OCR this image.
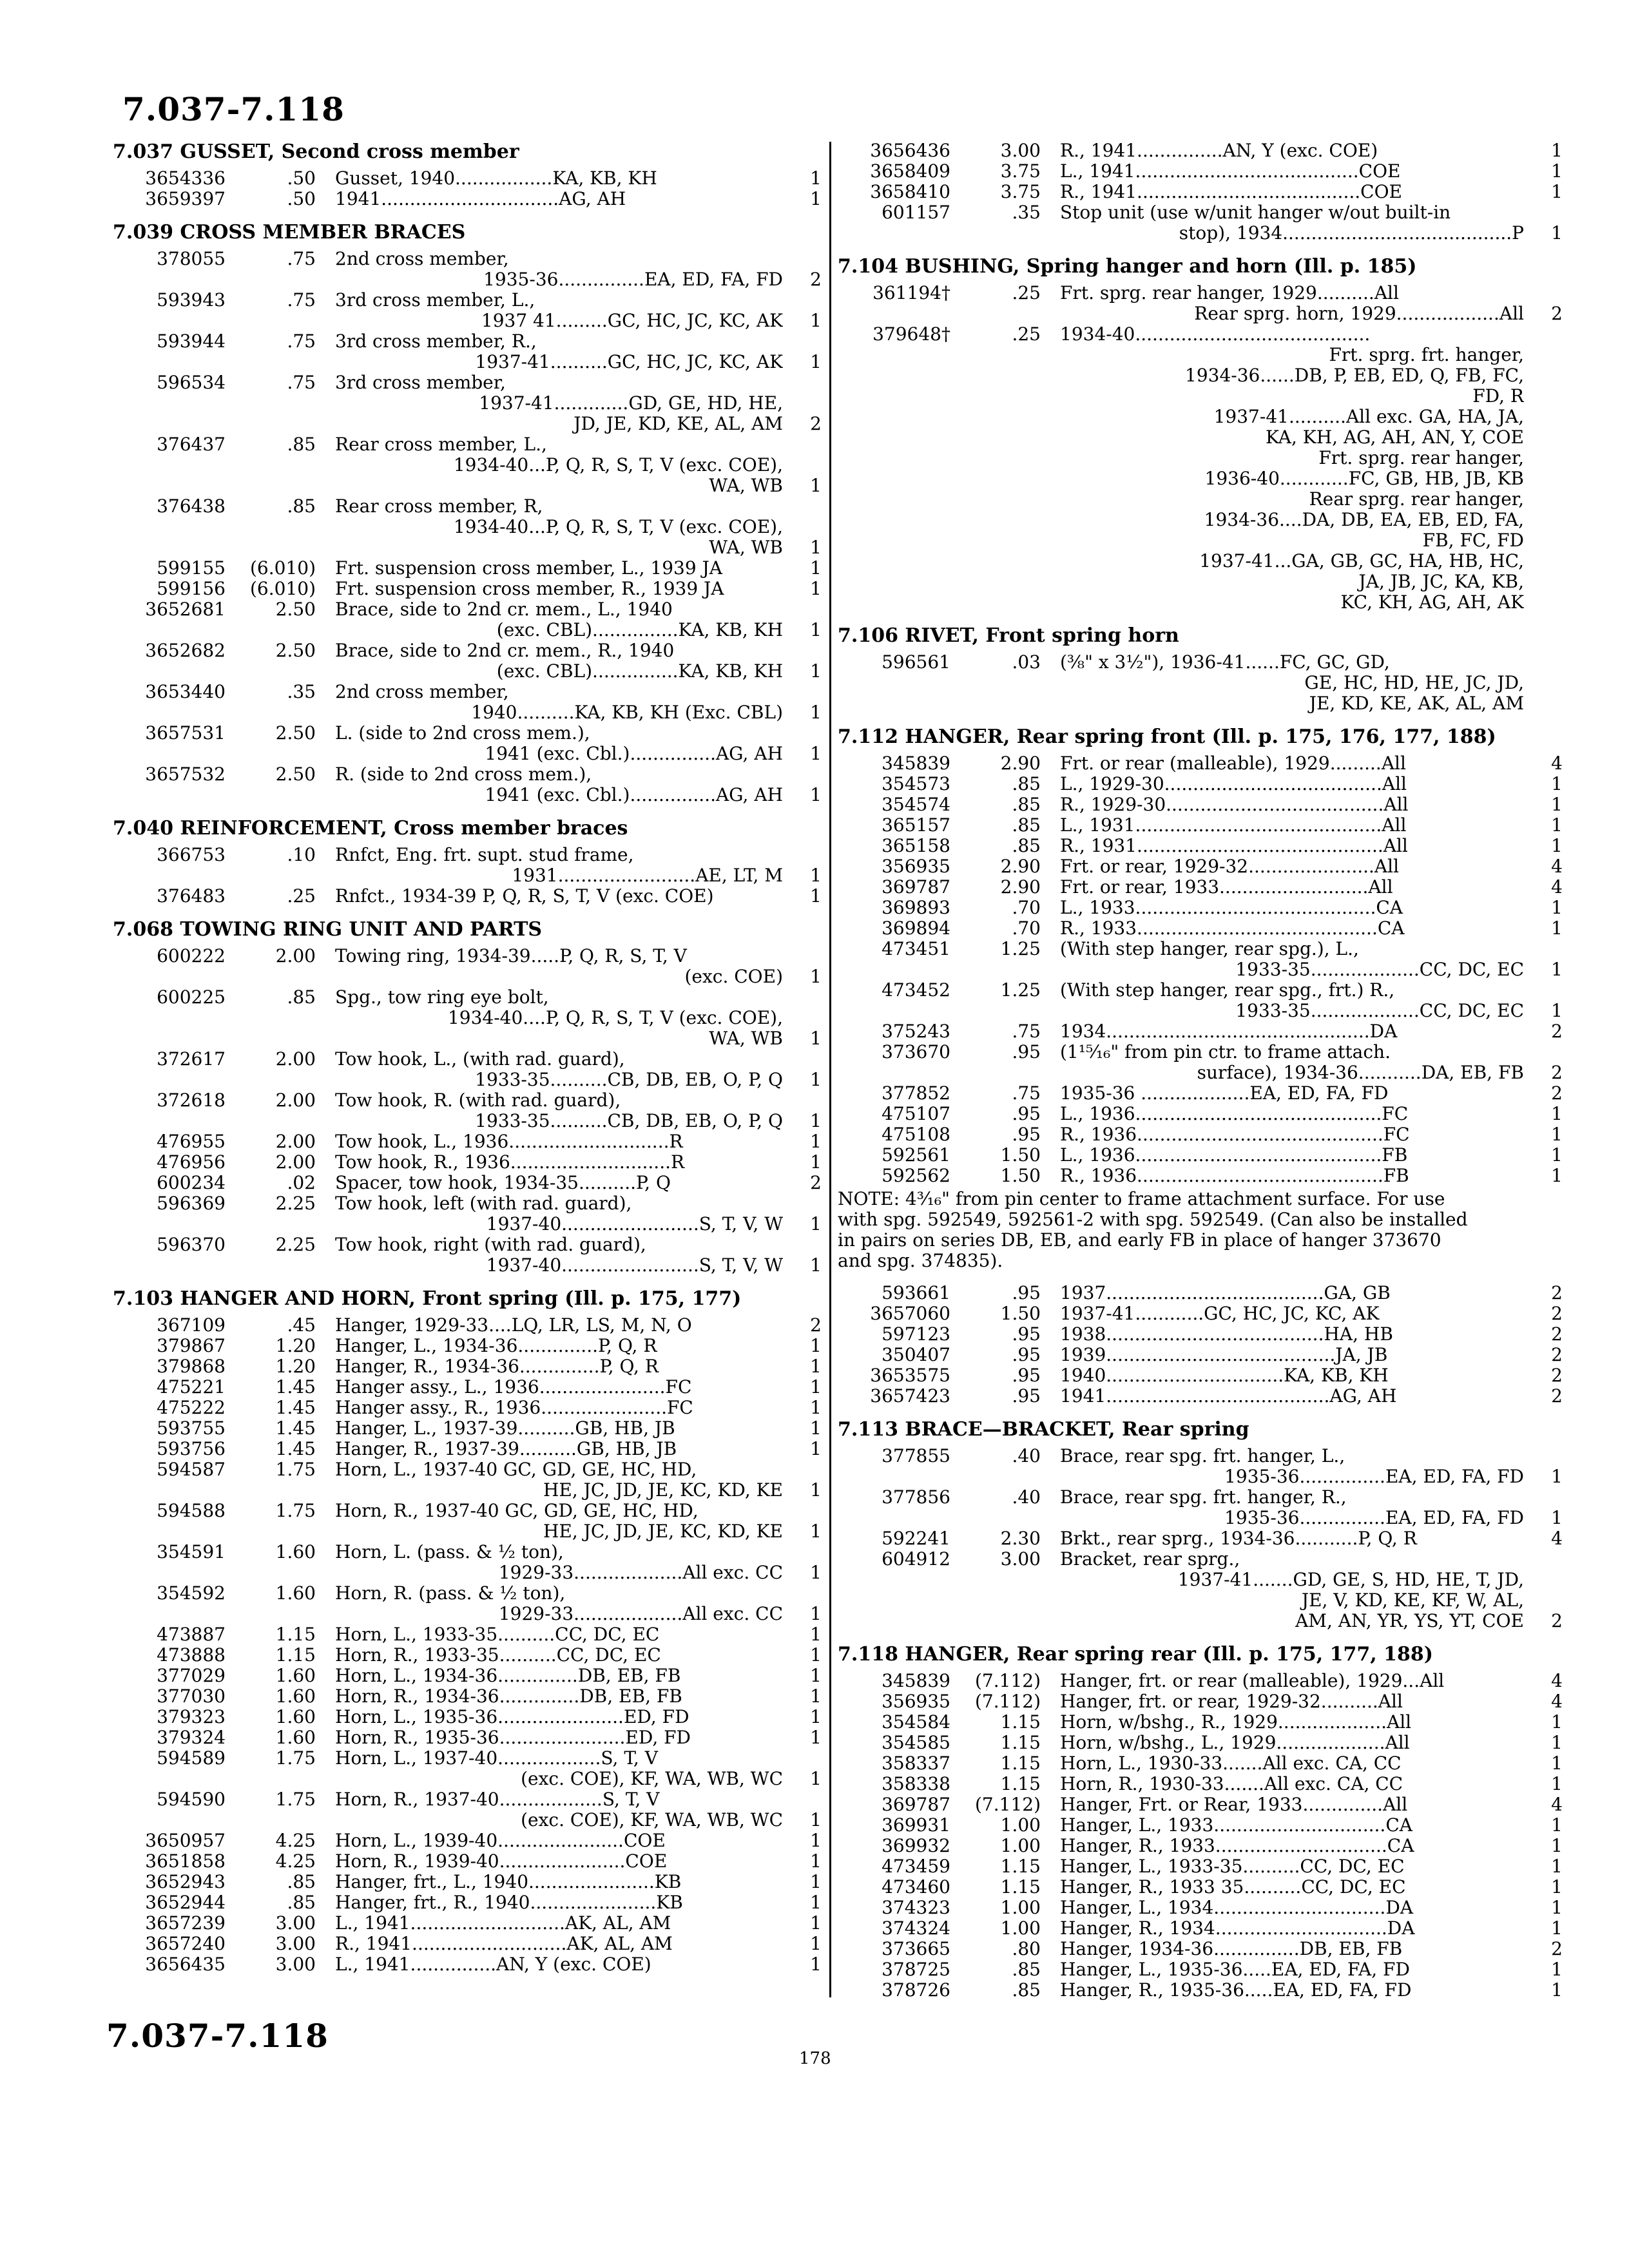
7.037-7.118
7.037 GUSSET, Second cross member
3654336	.50 Gusset, 1940.................KA, KB, KH	1
3659397	.50 1941...............................AG, AH	1
7.039 CROSS MEMBER BRACES
378055	.75 2nd cross member,
1935-36...............EA, ED, FA, FD	2
593943	.75 3rd cross member, L.,
1937 41.........GC, HC, JC, KC, AK	1
593944	.75 3rd cross member, R.,
1937-41..........GC, HC, JC, KC, AK	1
596534	.75 3rd cross member,
1937-41.............GD, GE, HD, HE,
JD, JE, KD, KE, AL, AM	2
376437	.85 Rear cross member, L.,
1934-40...P, Q, R, S, T, V (exc. COE),
WA, WB	1
376438	.85 Rear cross member, R,
1934-40...P, Q, R, S, T, V (exc. COE),
WA, WB	1
599155	(6.010) Frt. suspension cross member, L., 1939 JA	1
599156	(6.010) Frt. suspension cross member, R., 1939 JA	1
3652681	2.50 Brace, side to 2nd cr. mem., L., 1940
(exc. CBL)...............KA, KB, KH	1
3652682	2.50 Brace, side to 2nd cr. mem., R., 1940
(exc. CBL)...............KA, KB, KH	1
3653440	.35 2nd cross member,
1940..........KA, KB, KH (Exc. CBL)	1
3657531	2.50 L. (side to 2nd cross mem.),
1941 (exc. Cbl.)...............AG, AH	1
3657532	2.50 R. (side to 2nd cross mem.),
1941 (exc. Cbl.)...............AG, AH	1
7.040 REINFORCEMENT, Cross member braces
366753	.10 Rnfct, Eng. frt. supt. stud frame,
1931........................AE, LT, M	1
376483	.25 Rnfct., 1934-39 P, Q, R, S, T, V (exc. COE)	1
7.068 TOWING RING UNIT AND PARTS
600222	2.00 Towing ring, 1934-39.....P, Q, R, S, T, V
(exc. COE)	1
600225	.85 Spg., tow ring eye bolt,
1934-40....P, Q, R, S, T, V (exc. COE),
WA, WB	1
372617	2.00 Tow hook, L., (with rad. guard),
1933-35..........CB, DB, EB, O, P, Q	1
372618	2.00 Tow hook, R. (with rad. guard),
1933-35..........CB, DB, EB, O, P, Q	1
476955	2.00 Tow hook, L., 1936............................R	1
476956	2.00 Tow hook, R., 1936............................R	1
600234	.02 Spacer, tow hook, 1934-35..........P, Q	2
596369	2.25 Tow hook, left (with rad. guard),
1937-40........................S, T, V, W	1
596370	2.25 Tow hook, right (with rad. guard),
1937-40........................S, T, V, W	1
7.103 HANGER AND HORN, Front spring (Ill. p. 175, 177)
367109	.45 Hanger, 1929-33....LQ, LR, LS, M, N, O	2
379867	1.20 Hanger, L., 1934-36..............P, Q, R	1
379868	1.20 Hanger, R., 1934-36..............P, Q, R	1
475221	1.45 Hanger assy., L., 1936......................FC	1
475222	1.45 Hanger assy., R., 1936......................FC	1
593755	1.45 Hanger, L., 1937-39..........GB, HB, JB	1
593756	1.45 Hanger, R., 1937-39..........GB, HB, JB	1
594587	1.75 Horn, L., 1937-40 GC, GD, GE, HC, HD,
HE, JC, JD, JE, KC, KD, KE	1
594588	1.75 Horn, R., 1937-40 GC, GD, GE, HC, HD,
HE, JC, JD, JE, KC, KD, KE	1
354591	1.60 Horn, L. (pass. & ½ ton),
1929-33...................All exc. CC	1
354592	1.60 Horn, R. (pass. & ½ ton),
1929-33...................All exc. CC	1
473887	1.15 Horn, L., 1933-35..........CC, DC, EC	1
473888	1.15 Horn, R., 1933-35..........CC, DC, EC	1
377029	1.60 Horn, L., 1934-36..............DB, EB, FB	1
377030	1.60 Horn, R., 1934-36..............DB, EB, FB	1
379323	1.60 Horn, L., 1935-36......................ED, FD	1
379324	1.60 Horn, R., 1935-36......................ED, FD	1
594589	1.75 Horn, L., 1937-40..................S, T, V
(exc. COE), KF, WA, WB, WC	1
594590	1.75 Horn, R., 1937-40..................S, T, V
(exc. COE), KF, WA, WB, WC	1
3650957	4.25 Horn, L., 1939-40......................COE	1
3651858	4.25 Horn, R., 1939-40......................COE	1
3652943	.85 Hanger, frt., L., 1940......................KB	1
3652944	.85 Hanger, frt., R., 1940......................KB	1
3657239	3.00 L., 1941...........................AK, AL, AM	1
3657240	3.00 R., 1941...........................AK, AL, AM	1
3656435	3.00 L., 1941...............AN, Y (exc. COE)	1
3656436	3.00 R., 1941...............AN, Y (exc. COE)	1
3658409	3.75 L., 1941.......................................COE	1
3658410	3.75 R., 1941.......................................COE	1
601157	.35 Stop unit (use w/unit hanger w/out built-in
stop), 1934........................................P	1
7.104 BUSHING, Spring hanger and horn (Ill. p. 185)
361194†	.25 Frt. sprg. rear hanger, 1929..........All
Rear sprg. horn, 1929..................All	2
379648†	.25 1934-40.........................................
Frt. sprg. frt. hanger,
1934-36......DB, P, EB, ED, Q, FB, FC,
FD, R
1937-41..........All exc. GA, HA, JA,
KA, KH, AG, AH, AN, Y, COE
Frt. sprg. rear hanger,
1936-40............FC, GB, HB, JB, KB
Rear sprg. rear hanger,
1934-36....DA, DB, EA, EB, ED, FA,
FB, FC, FD
1937-41...GA, GB, GC, HA, HB, HC,
JA, JB, JC, KA, KB,
KC, KH, AG, AH, AK
7.106 RIVET, Front spring horn
596561	.03 (⅜" x 3½"), 1936-41......FC, GC, GD,
GE, HC, HD, HE, JC, JD,
JE, KD, KE, AK, AL, AM
7.112 HANGER, Rear spring front (Ill. p. 175, 176, 177, 188)
345839	2.90 Frt. or rear (malleable), 1929.........All	4
354573	.85 L., 1929-30......................................All	1
354574	.85 R., 1929-30......................................All	1
365157	.85 L., 1931...........................................All	1
365158	.85 R., 1931...........................................All	1
356935	2.90 Frt. or rear, 1929-32......................All	4
369787	2.90 Frt. or rear, 1933..........................All	4
369893	.70 L., 1933..........................................CA	1
369894	.70 R., 1933..........................................CA	1
473451	1.25 (With step hanger, rear spg.), L.,
1933-35...................CC, DC, EC	1
473452	1.25 (With step hanger, rear spg., frt.) R.,
1933-35...................CC, DC, EC	1
375243	.75 1934..............................................DA	2
373670	.95 (1¹⁵⁄₁₆" from pin ctr. to frame attach.
surface), 1934-36...........DA, EB, FB	2
377852	.75 1935-36 ...................EA, ED, FA, FD	2
475107	.95 L., 1936...........................................FC	1
475108	.95 R., 1936...........................................FC	1
592561	1.50 L., 1936...........................................FB	1
592562	1.50 R., 1936...........................................FB	1
NOTE: 4³⁄₁₆" from pin center to frame attachment surface. For use
with spg. 592549, 592561-2 with spg. 592549. (Can also be installed
in pairs on series DB, EB, and early FB in place of hanger 373670
and spg. 374835).
593661	.95 1937......................................GA, GB	2
3657060	1.50 1937-41............GC, HC, JC, KC, AK	2
597123	.95 1938......................................HA, HB	2
350407	.95 1939........................................JA, JB	2
3653575	.95 1940...............................KA, KB, KH	2
3657423	.95 1941.......................................AG, AH	2
7.113 BRACE—BRACKET, Rear spring
377855	.40 Brace, rear spg. frt. hanger, L.,
1935-36...............EA, ED, FA, FD	1
377856	.40 Brace, rear spg. frt. hanger, R.,
1935-36...............EA, ED, FA, FD	1
592241	2.30 Brkt., rear sprg., 1934-36...........P, Q, R	4
604912	3.00 Bracket, rear sprg.,
1937-41.......GD, GE, S, HD, HE, T, JD,
JE, V, KD, KE, KF, W, AL,
AM, AN, YR, YS, YT, COE	2
7.118 HANGER, Rear spring rear (Ill. p. 175, 177, 188)
345839	(7.112) Hanger, frt. or rear (malleable), 1929...All	4
356935	(7.112) Hanger, frt. or rear, 1929-32..........All	4
354584	1.15 Horn, w/bshg., R., 1929...................All	1
354585	1.15 Horn, w/bshg., L., 1929...................All	1
358337	1.15 Horn, L., 1930-33.......All exc. CA, CC	1
358338	1.15 Horn, R., 1930-33.......All exc. CA, CC	1
369787	(7.112) Hanger, Frt. or Rear, 1933..............All	4
369931	1.00 Hanger, L., 1933..............................CA	1
369932	1.00 Hanger, R., 1933..............................CA	1
473459	1.15 Hanger, L., 1933-35..........CC, DC, EC	1
473460	1.15 Hanger, R., 1933 35..........CC, DC, EC	1
374323	1.00 Hanger, L., 1934..............................DA	1
374324	1.00 Hanger, R., 1934..............................DA	1
373665	.80 Hanger, 1934-36...............DB, EB, FB	2
378725	.85 Hanger, L., 1935-36.....EA, ED, FA, FD	1
378726	.85 Hanger, R., 1935-36.....EA, ED, FA, FD	1
7.037-7.118
178
